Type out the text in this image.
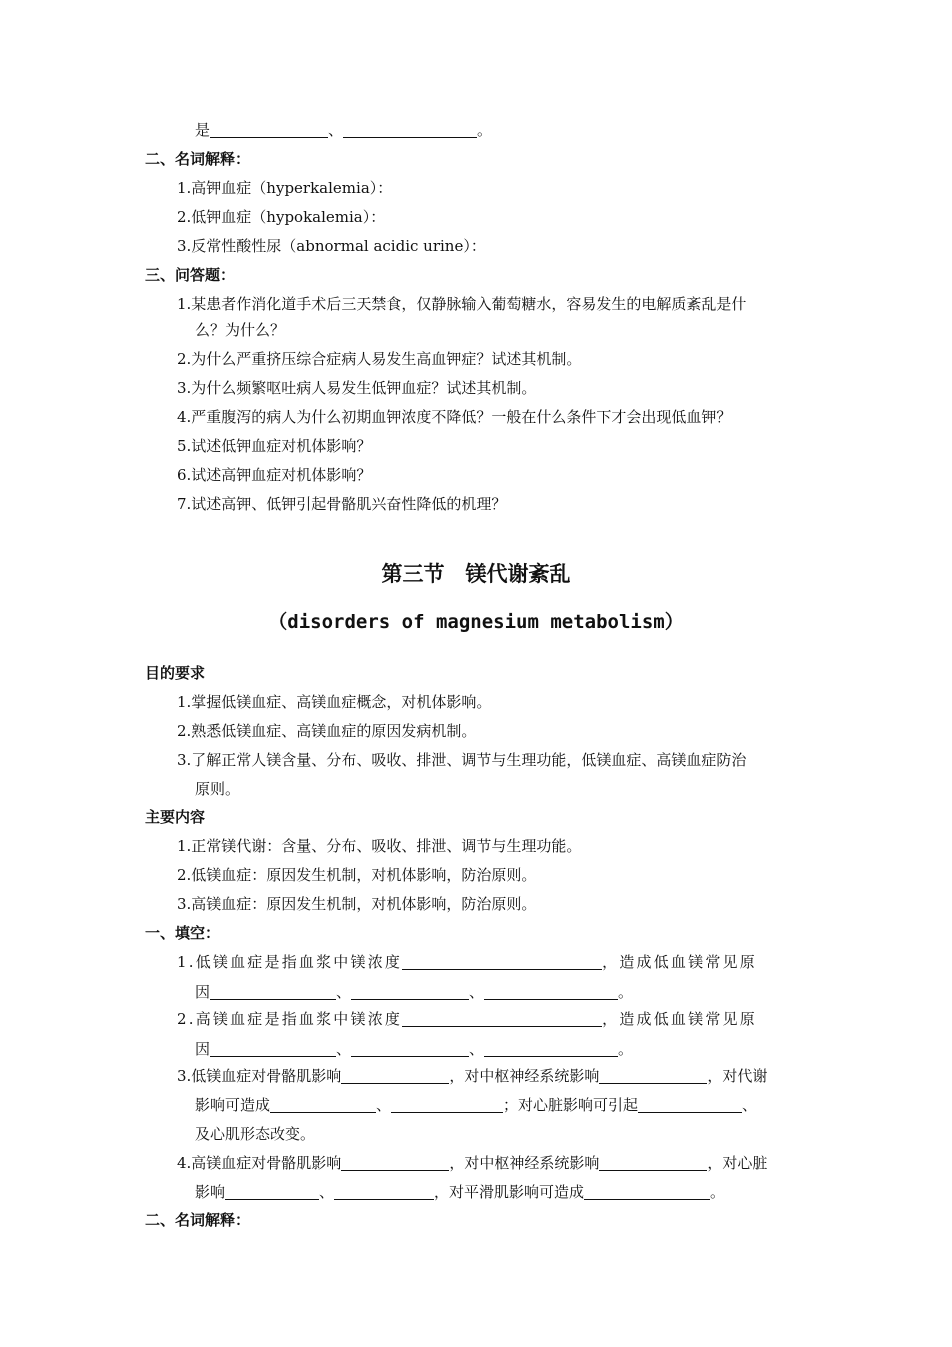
是	、	。
二、名词解释：
1.高钾血症（hyperkalemia）：
2.低钾血症（hypokalemia）：
3.反常性酸性尿（abnormal acidic urine）：
三、问答题：
1.某患者作消化道手术后三天禁食，仅静脉输入葡萄糖水，容易发生的电解质紊乱是什
么？为什么？
2.为什么严重挤压综合症病人易发生高血钾症？试述其机制。
3.为什么频繁呕吐病人易发生低钾血症？试述其机制。
4.严重腹泻的病人为什么初期血钾浓度不降低？一般在什么条件下才会出现低血钾？
5.试述低钾血症对机体影响？
6.试述高钾血症对机体影响？
7.试述高钾、低钾引起骨骼肌兴奋性降低的机理？
第三节　镁代谢紊乱
（disorders of magnesium metabolism）
目的要求
1.掌握低镁血症、高镁血症概念，对机体影响。
2.熟悉低镁血症、高镁血症的原因发病机制。
3.了解正常人镁含量、分布、吸收、排泄、调节与生理功能，低镁血症、高镁血症防治
原则。
主要内容
1.正常镁代谢：含量、分布、吸收、排泄、调节与生理功能。
2.低镁血症：原因发生机制，对机体影响，防治原则。
3.高镁血症：原因发生机制，对机体影响，防治原则。
一、填空：
1.低镁血症是指血浆中镁浓度	，造成低血镁常见原
因	、	、	。
2.高镁血症是指血浆中镁浓度	，造成低血镁常见原
因	、	、	。
3.低镁血症对骨骼肌影响	，对中枢神经系统影响	，对代谢
影响可造成	、	；对心脏影响可引起	、
及心肌形态改变。
4.高镁血症对骨骼肌影响	，对中枢神经系统影响	，对心脏
影响	、	，对平滑肌影响可造成	。
二、名词解释：
